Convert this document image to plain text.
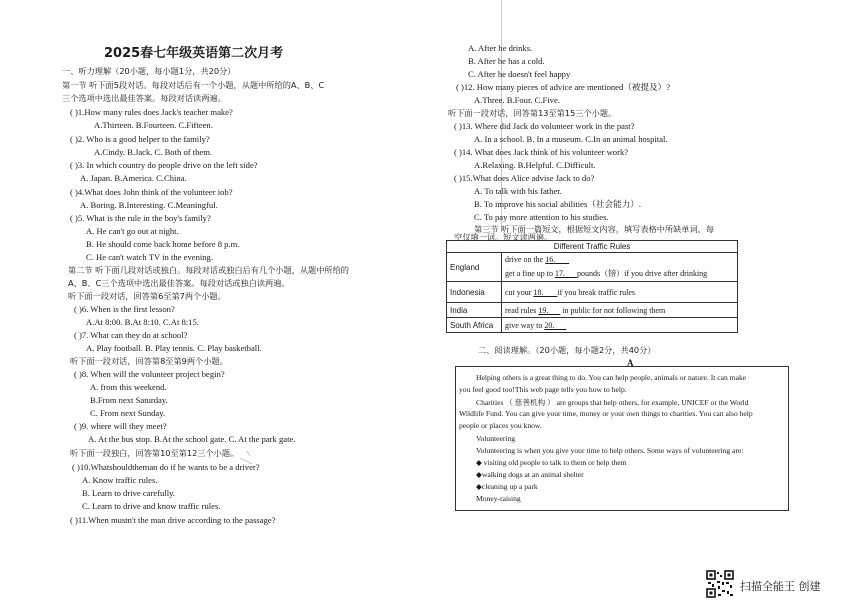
2025春七年级英语第二次月考
一、听力理解（20小题，每小题1分，共20分）
第一节 听下面5段对话。每段对话后有一个小题，从题中所给的A、B、C
三个选项中选出最佳答案。每段对话读两遍。
( )1.How many rules does Jack's teacher make?
A.Thirteen. B.Fourteen. C.Fifteen.
( )2. Who is a good helper to the family?
A.Cindy. B.Jack. C. Both of them.
( )3. In which country do people drive on the left side?
A. Japan. B.America. C.China.
( )4.What does John think of the volunteer iob?
A. Boring. B.Interesting. C.Meaningful.
( )5. What is the rule in the boy's family?
A. He can't go out at night.
B. He should come back home before 8 p.m.
C. He can't watch TV in the evening.
第二节 听下面几段对话或独白。每段对话或独白后有几个小题，从题中所给的
A、B、C三个选项中选出最佳答案。每段对话或独白读两遍。
听下面一段对话，回答第6至第7两个小题。
( )6. When is the first lesson?
A.At 8:00. B.At 8:10. C.At 8:15.
( )7. What can they do at school?
A. Play football. B. Play tennis. C. Play basketball.
听下面一段对话，回答第8至第9两个小题。
( )8. When will the volunteer project begin?
A. from this weekend.
B.From next Saturday.
C. From next Sunday.
( )9. where will they meet?
A. At the bus stop. B.At the school gate. C. At the park gate.
听下面一段独白，回答第10至第12三个小题。
( )10.Whatshouldtheman do if he wants to be a driver?
A. Know traffic rules.
B. Learn to drive carefully.
C. Learn to drive and know traffic rules.
( )11.When mustn't the man drive according to the passage?
A. After he drinks.
B. After he has a cold.
C. After he doesn't feel happy
( )12. How many pieces of advice are mentioned（被提及）?
A.Three. B.Four. C.Five.
听下面一段对话，回答第13至第15三个小题。
( )13. Where did Jack do volunteer work in the past?
A. In a school. B. In a museum. C.In an animal hospital.
( )14. What does Jack think of his volunteer work?
A.Relaxing. B.Helpful. C.Difficult.
( )15.What does Alice advise Jack to do?
A. To talk with his father.
B. To improve his social abilities（社会能力）.
C. To pay more attention to his studies.
第三节 听下面一篇短文，根据短文内容，填写表格中所缺单词，每
Different Traffic Rules	
England	drive on the 16.
get a fine up to 17. pounds（镑）if you drive after drinking

Indonesia	cut your 18. if you break traffic rules
India	read rules 19. in public for not following them
South Africa	give way to 20.
空仅填一词。短文读两遍。
二、阅读理解。（20小题，每小题2分，共40分）
A
Helping others is a great thing to do. You can help people, animals or nature. It can make
you feel good too!This web page tells you how to help.
Charities （ 慈善机构 ） are groups that help others, for example, UNICEF or the World
Wildlife Fund. You can give your time, money or your own things to charities. You can also help
people or places you know.
Volunteering
Volunteering is when you give your time to help others. Some ways of volunteering are:
◆ visiting old people to talk to them or help them
◆walking dogs at an animal shelter
◆cleaning up a park
Money-raising
扫描全能王 创建
